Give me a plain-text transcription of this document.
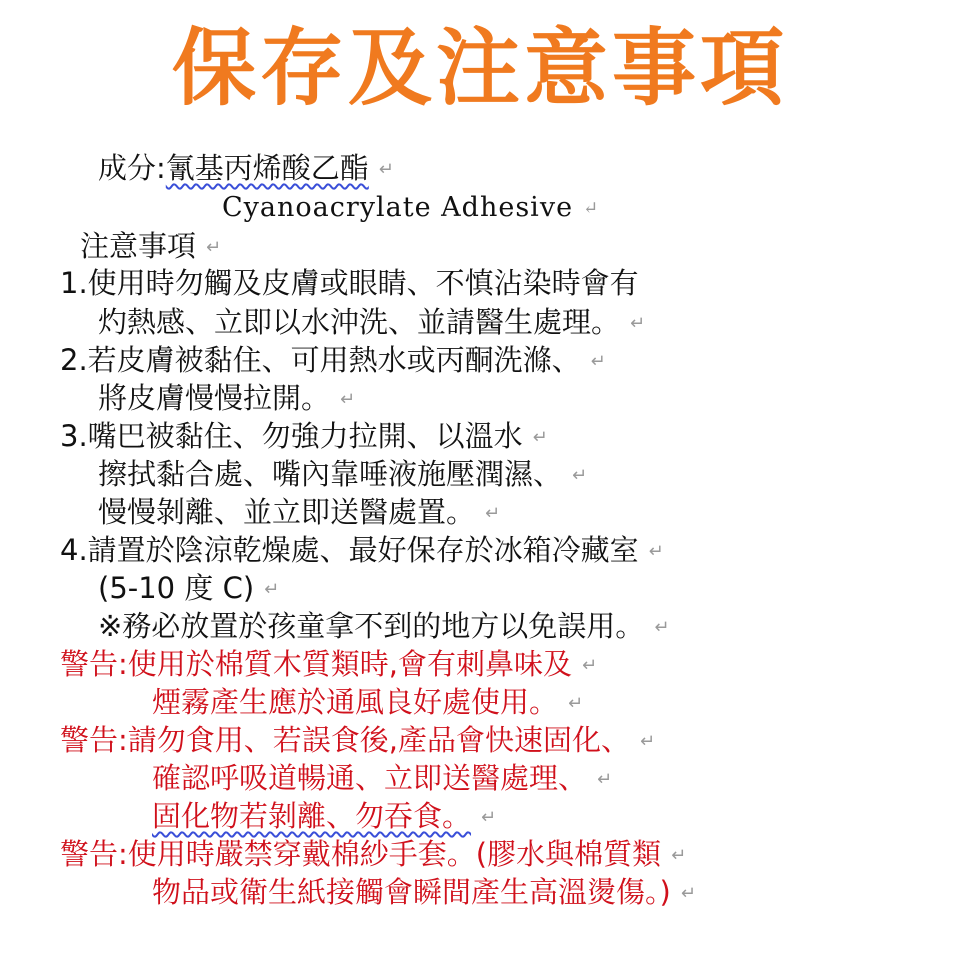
保存及注意事項
成分:氰基丙烯酸乙酯 ↵
Cyanoacrylate Adhesive ↵
注意事項 ↵
1.使用時勿觸及皮膚或眼睛、不慎沾染時會有
灼熱感、立即以水沖洗、並請醫生處理。 ↵
2.若皮膚被黏住、可用熱水或丙酮洗滌、 ↵
將皮膚慢慢拉開。 ↵
3.嘴巴被黏住、勿強力拉開、以溫水 ↵
擦拭黏合處、嘴內靠唾液施壓潤濕、 ↵
慢慢剝離、並立即送醫處置。 ↵
4.請置於陰涼乾燥處、最好保存於冰箱冷藏室 ↵
(5-10 度 C) ↵
※務必放置於孩童拿不到的地方以免誤用。 ↵
警告:使用於棉質木質類時,會有刺鼻味及 ↵
煙霧產生應於通風良好處使用。 ↵
警告:請勿食用、若誤食後,產品會快速固化、 ↵
確認呼吸道暢通、立即送醫處理、 ↵
固化物若剝離、勿吞食。 ↵
警告:使用時嚴禁穿戴棉紗手套。(膠水與棉質類 ↵
物品或衛生紙接觸會瞬間產生高溫燙傷。) ↵
